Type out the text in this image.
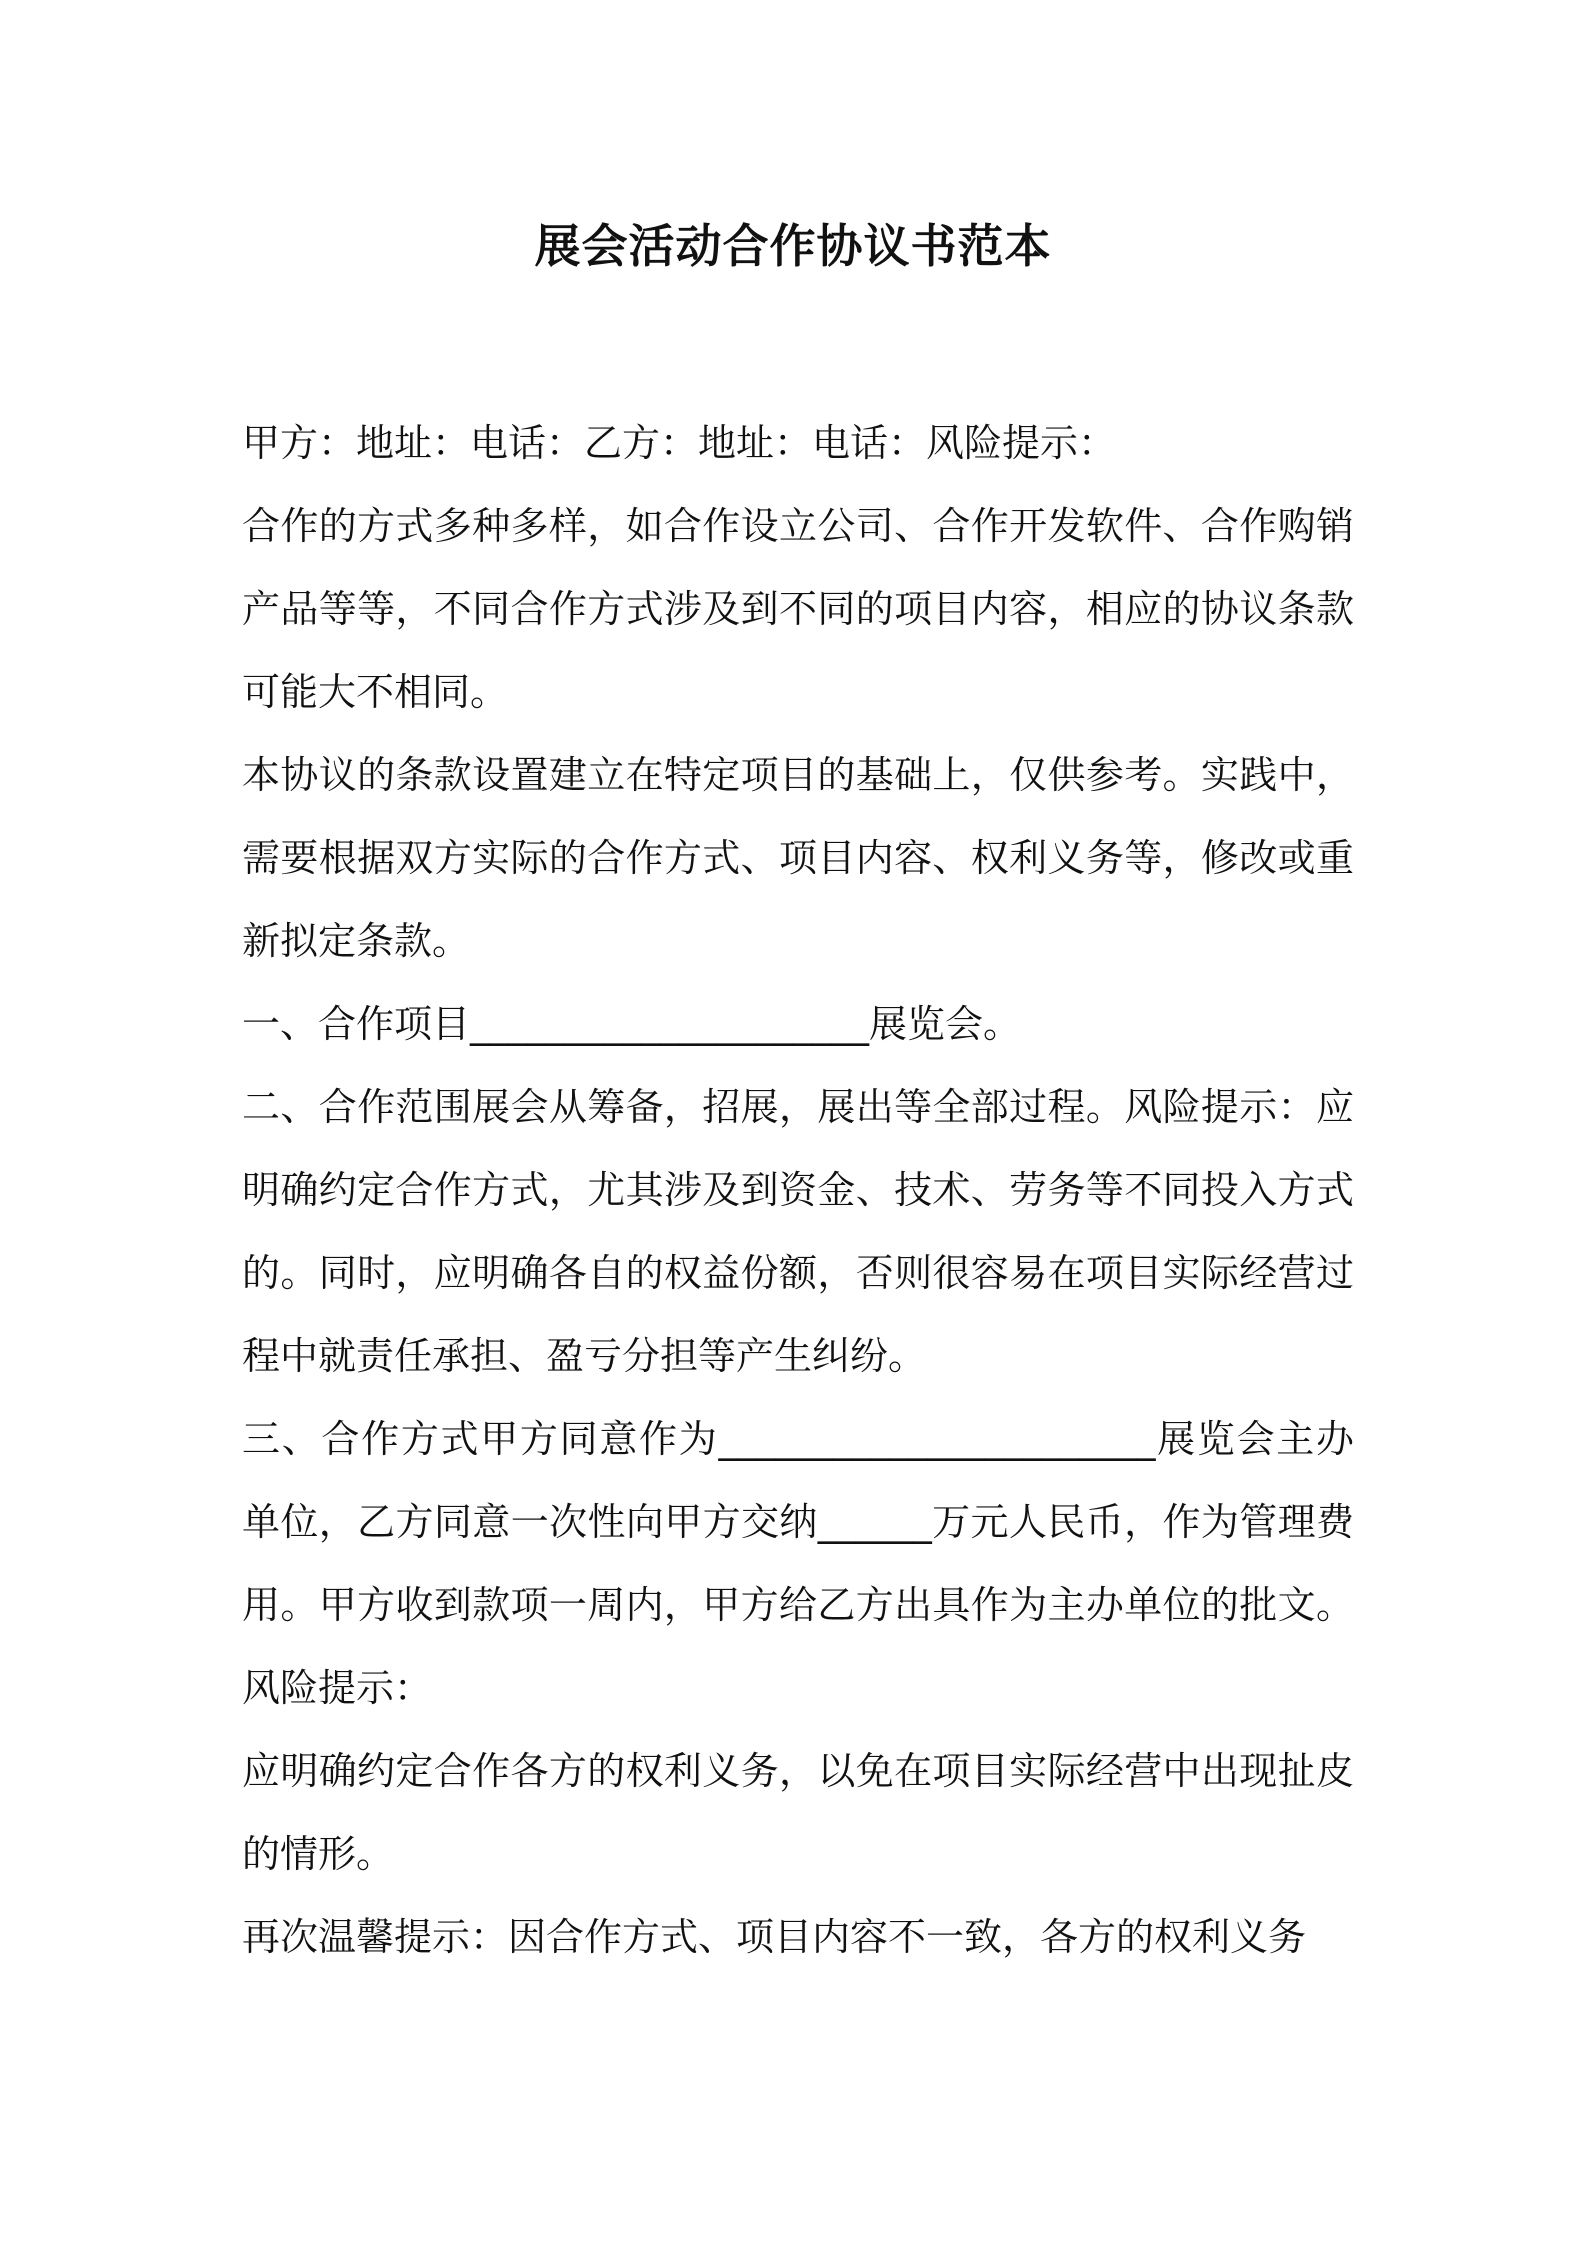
展会活动合作协议书范本

甲方：地址：电话：乙方：地址：电话：风险提示：

合作的方式多种多样，如合作设立公司、合作开发软件、合作购销产品等等，不同合作方式涉及到不同的项目内容，相应的协议条款可能大不相同。

本协议的条款设置建立在特定项目的基础上，仅供参考。实践中，需要根据双方实际的合作方式、项目内容、权利义务等，修改或重新拟定条款。

一、合作项目_____________________展览会。

二、合作范围展会从筹备，招展，展出等全部过程。风险提示：应明确约定合作方式，尤其涉及到资金、技术、劳务等不同投入方式的。同时，应明确各自的权益份额，否则很容易在项目实际经营过程中就责任承担、盈亏分担等产生纠纷。

三、合作方式甲方同意作为_______________________展览会主办单位，乙方同意一次性向甲方交纳______万元人民币，作为管理费用。甲方收到款项一周内，甲方给乙方出具作为主办单位的批文。风险提示：

应明确约定合作各方的权利义务，以免在项目实际经营中出现扯皮的情形。

再次温馨提示：因合作方式、项目内容不一致，各方的权利义务
